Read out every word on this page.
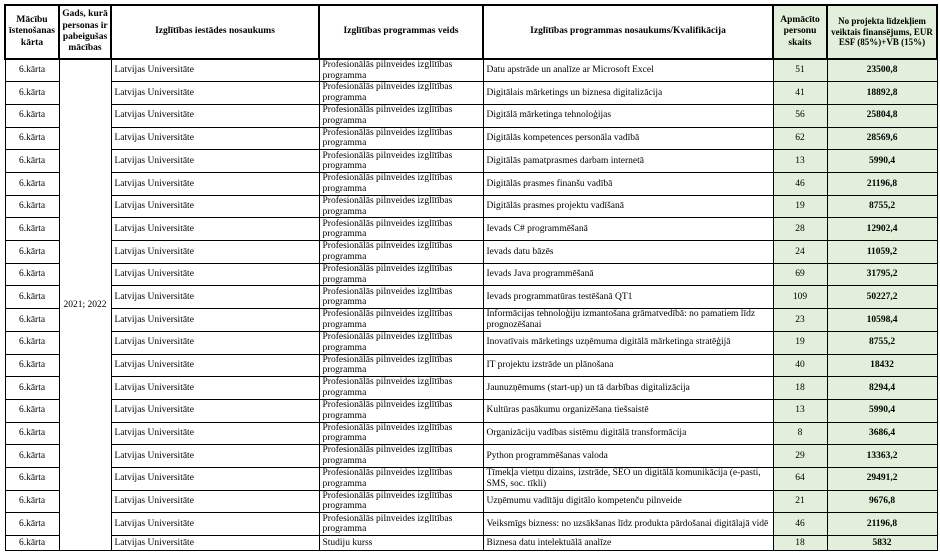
Mācību īstenošanas kārta	Gads, kurā personas ir pabeigušas mācības	Izglītības iestādes nosaukums	Izglītības programmas veids	Izglītības programmas nosaukums/Kvalifikācija	Apmācīto personu skaits	No projekta līdzekļiem veiktais finansējums, EUR ESF (85%)+VB (15%)
6.kārta	2021; 2022	Latvijas Universitāte	Profesionālās pilnveides izglītības programma	Datu apstrāde un analīze ar Microsoft Excel	51	23500,8
6.kārta		Latvijas Universitāte	Profesionālās pilnveides izglītības programma	Digitālais mārketings un biznesa digitalizācija	41	18892,8
6.kārta		Latvijas Universitāte	Profesionālās pilnveides izglītības programma	Digitālā mārketinga tehnoloģijas	56	25804,8
6.kārta		Latvijas Universitāte	Profesionālās pilnveides izglītības programma	Digitālās kompetences personāla vadībā	62	28569,6
6.kārta		Latvijas Universitāte	Profesionālās pilnveides izglītības programma	Digitālās pamatprasmes darbam internetā	13	5990,4
6.kārta		Latvijas Universitāte	Profesionālās pilnveides izglītības programma	Digitālās prasmes finanšu vadībā	46	21196,8
6.kārta		Latvijas Universitāte	Profesionālās pilnveides izglītības programma	Digitālās prasmes projektu vadīšanā	19	8755,2
6.kārta		Latvijas Universitāte	Profesionālās pilnveides izglītības programma	Ievads C# programmēšanā	28	12902,4
6.kārta		Latvijas Universitāte	Profesionālās pilnveides izglītības programma	Ievads datu bāzēs	24	11059,2
6.kārta		Latvijas Universitāte	Profesionālās pilnveides izglītības programma	Ievads Java programmēšanā	69	31795,2
6.kārta		Latvijas Universitāte	Profesionālās pilnveides izglītības programma	Ievads programmatūras testēšanā QT1	109	50227,2
6.kārta		Latvijas Universitāte	Profesionālās pilnveides izglītības programma	Informācijas tehnoloģiju izmantošana grāmatvedībā: no pamatiem līdz prognozēšanai	23	10598,4
6.kārta		Latvijas Universitāte	Profesionālās pilnveides izglītības programma	Inovatīvais mārketings uzņēmuma digitālā mārketinga stratēģijā	19	8755,2
6.kārta		Latvijas Universitāte	Profesionālās pilnveides izglītības programma	IT projektu izstrāde un plānošana	40	18432
6.kārta		Latvijas Universitāte	Profesionālās pilnveides izglītības programma	Jaunuzņēmums (start-up) un tā darbības digitalizācija	18	8294,4
6.kārta		Latvijas Universitāte	Profesionālās pilnveides izglītības programma	Kultūras pasākumu organizēšana tiešsaistē	13	5990,4
6.kārta		Latvijas Universitāte	Profesionālās pilnveides izglītības programma	Organizāciju vadības sistēmu digitālā transformācija	8	3686,4
6.kārta		Latvijas Universitāte	Profesionālās pilnveides izglītības programma	Python programmēšanas valoda	29	13363,2
6.kārta		Latvijas Universitāte	Profesionālās pilnveides izglītības programma	Tīmekļa vietņu dizains, izstrāde, SEO un digitālā komunikācija (e-pasti, SMS, soc. tīkli)	64	29491,2
6.kārta		Latvijas Universitāte	Profesionālās pilnveides izglītības programma	Uzņēmumu vadītāju digitālo kompetenču pilnveide	21	9676,8
6.kārta		Latvijas Universitāte	Profesionālās pilnveides izglītības programma	Veiksmīgs bizness: no uzsākšanas līdz produkta pārdošanai digitālajā vidē	46	21196,8
6.kārta		Latvijas Universitāte	Studiju kurss	Biznesa datu intelektuālā analīze	18	5832
